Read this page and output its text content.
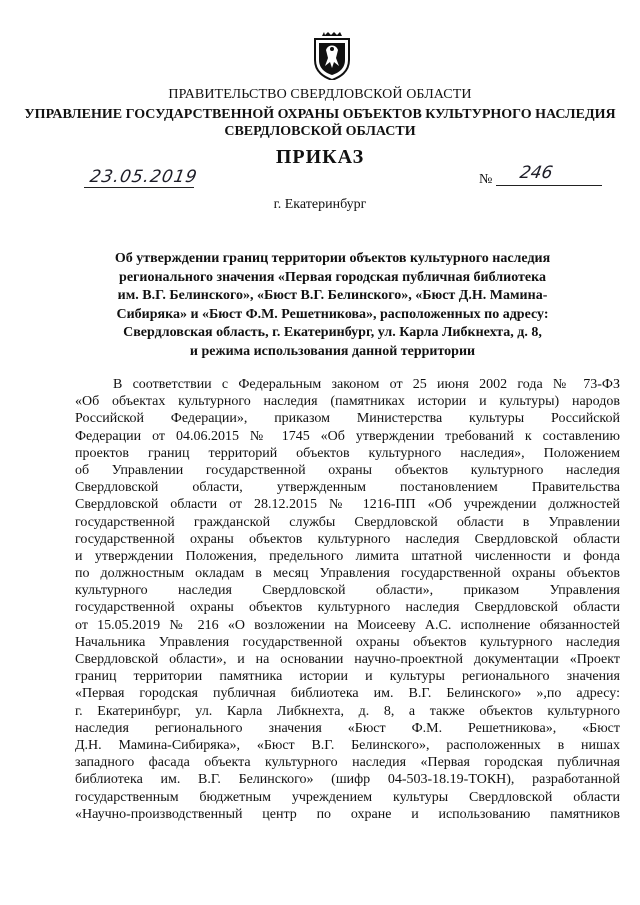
ПРАВИТЕЛЬСТВО СВЕРДЛОВСКОЙ ОБЛАСТИ
УПРАВЛЕНИЕ ГОСУДАРСТВЕННОЙ ОХРАНЫ ОБЪЕКТОВ КУЛЬТУРНОГО НАСЛЕДИЯ
СВЕРДЛОВСКОЙ ОБЛАСТИ
ПРИКАЗ
23.05.2019	№ 246
г. Екатеринбург
Об утверждении границ территории объектов культурного наследия
регионального значения «Первая городская публичная библиотека
им. В.Г. Белинского», «Бюст В.Г. Белинского», «Бюст Д.Н. Мамина-
Сибиряка» и «Бюст Ф.М. Решетникова», расположенных по адресу:
Свердловская область, г. Екатеринбург, ул. Карла Либкнехта, д. 8,
и режима использования данной территории
В соответствии с Федеральным законом от 25 июня 2002 года № 73-ФЗ
«Об объектах культурного наследия (памятниках истории и культуры) народов
Российской Федерации», приказом Министерства культуры Российской
Федерации от 04.06.2015 № 1745 «Об утверждении требований к составлению
проектов границ территорий объектов культурного наследия», Положением
об Управлении государственной охраны объектов культурного наследия
Свердловской области, утвержденным постановлением Правительства
Свердловской области от 28.12.2015 № 1216-ПП «Об учреждении должностей
государственной гражданской службы Свердловской области в Управлении
государственной охраны объектов культурного наследия Свердловской области
и утверждении Положения, предельного лимита штатной численности и фонда
по должностным окладам в месяц Управления государственной охраны объектов
культурного наследия Свердловской области», приказом Управления
государственной охраны объектов культурного наследия Свердловской области
от 15.05.2019 № 216 «О возложении на Моисееву А.С. исполнение обязанностей
Начальника Управления государственной охраны объектов культурного наследия
Свердловской области», и на основании научно-проектной документации «Проект
границ территории памятника истории и культуры регионального значения
«Первая городская публичная библиотека им. В.Г. Белинского» »,по адресу:
г. Екатеринбург, ул. Карла Либкнехта, д. 8, а также объектов культурного
наследия регионального значения «Бюст Ф.М. Решетникова», «Бюст
Д.Н. Мамина-Сибиряка», «Бюст В.Г. Белинского», расположенных в нишах
западного фасада объекта культурного наследия «Первая городская публичная
библиотека им. В.Г. Белинского» (шифр 04-503-18.19-ТОКН), разработанной
государственным бюджетным учреждением культуры Свердловской области
«Научно-производственный центр по охране и использованию памятников
